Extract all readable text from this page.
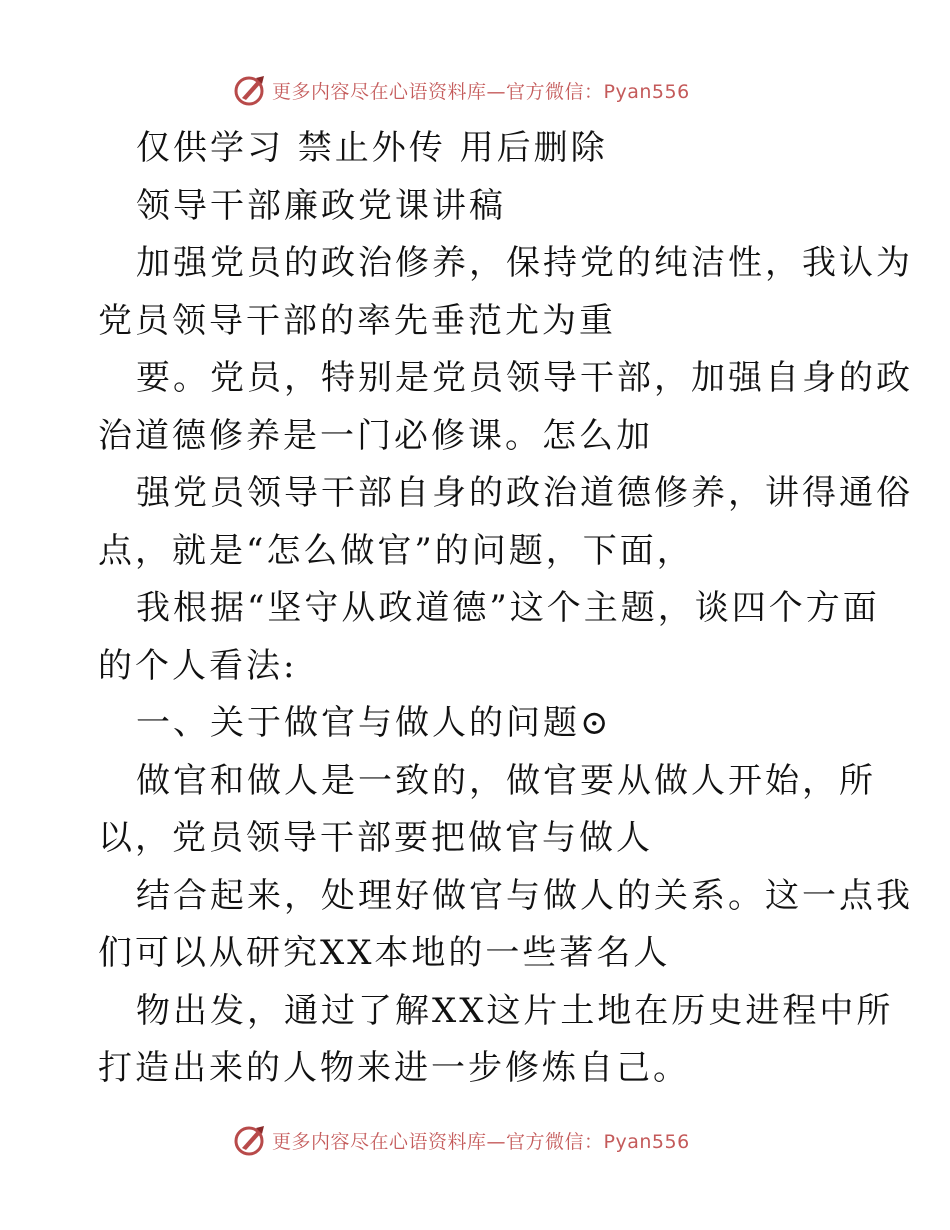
更多内容尽在心语资料库—官方微信：Pyan556
仅供学习 禁止外传 用后删除
领导干部廉政党课讲稿
加强党员的政治修养，保持党的纯洁性，我认为
党员领导干部的率先垂范尤为重
要。党员，特别是党员领导干部，加强自身的政
治道德修养是一门必修课。怎么加
强党员领导干部自身的政治道德修养，讲得通俗
点，就是“怎么做官”的问题，下面，
我根据“坚守从政道德”这个主题，谈四个方面
的个人看法:
一、关于做官与做人的问题⊙
做官和做人是一致的，做官要从做人开始，所
以，党员领导干部要把做官与做人
结合起来，处理好做官与做人的关系。这一点我
们可以从研究XX本地的一些著名人
物出发，通过了解XX这片土地在历史进程中所
打造出来的人物来进一步修炼自己。
更多内容尽在心语资料库—官方微信：Pyan556
